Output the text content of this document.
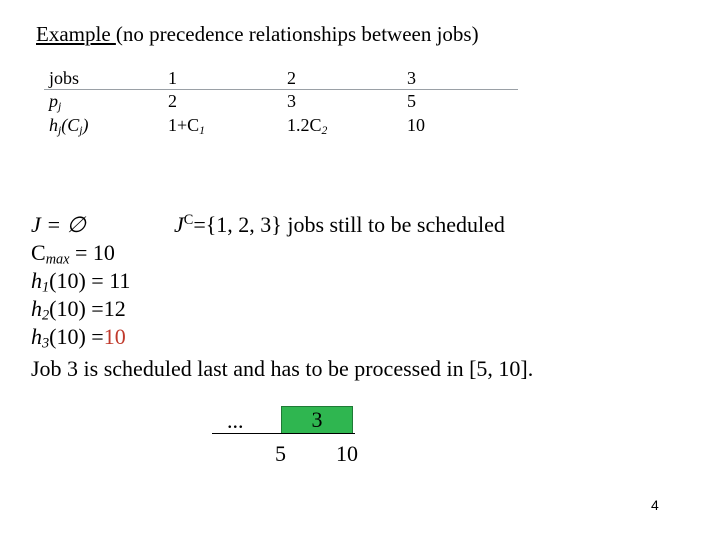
Example (no precedence relationships between jobs)
jobs	1	2	3
$p_j$	2	3	5
$h_j(C_j)$	$1+C_1$	$1.2C_2$	10
J = ∅	$J^C=\{1$, 2, 3} jobs still to be scheduled
$C_{max} = 10$
$h_1(10) = 11$
$h_2(10) =12$
$h_3(10) =10$
Job 3 is scheduled last and has to be processed in [5, 10].
...	3
5 10
4
